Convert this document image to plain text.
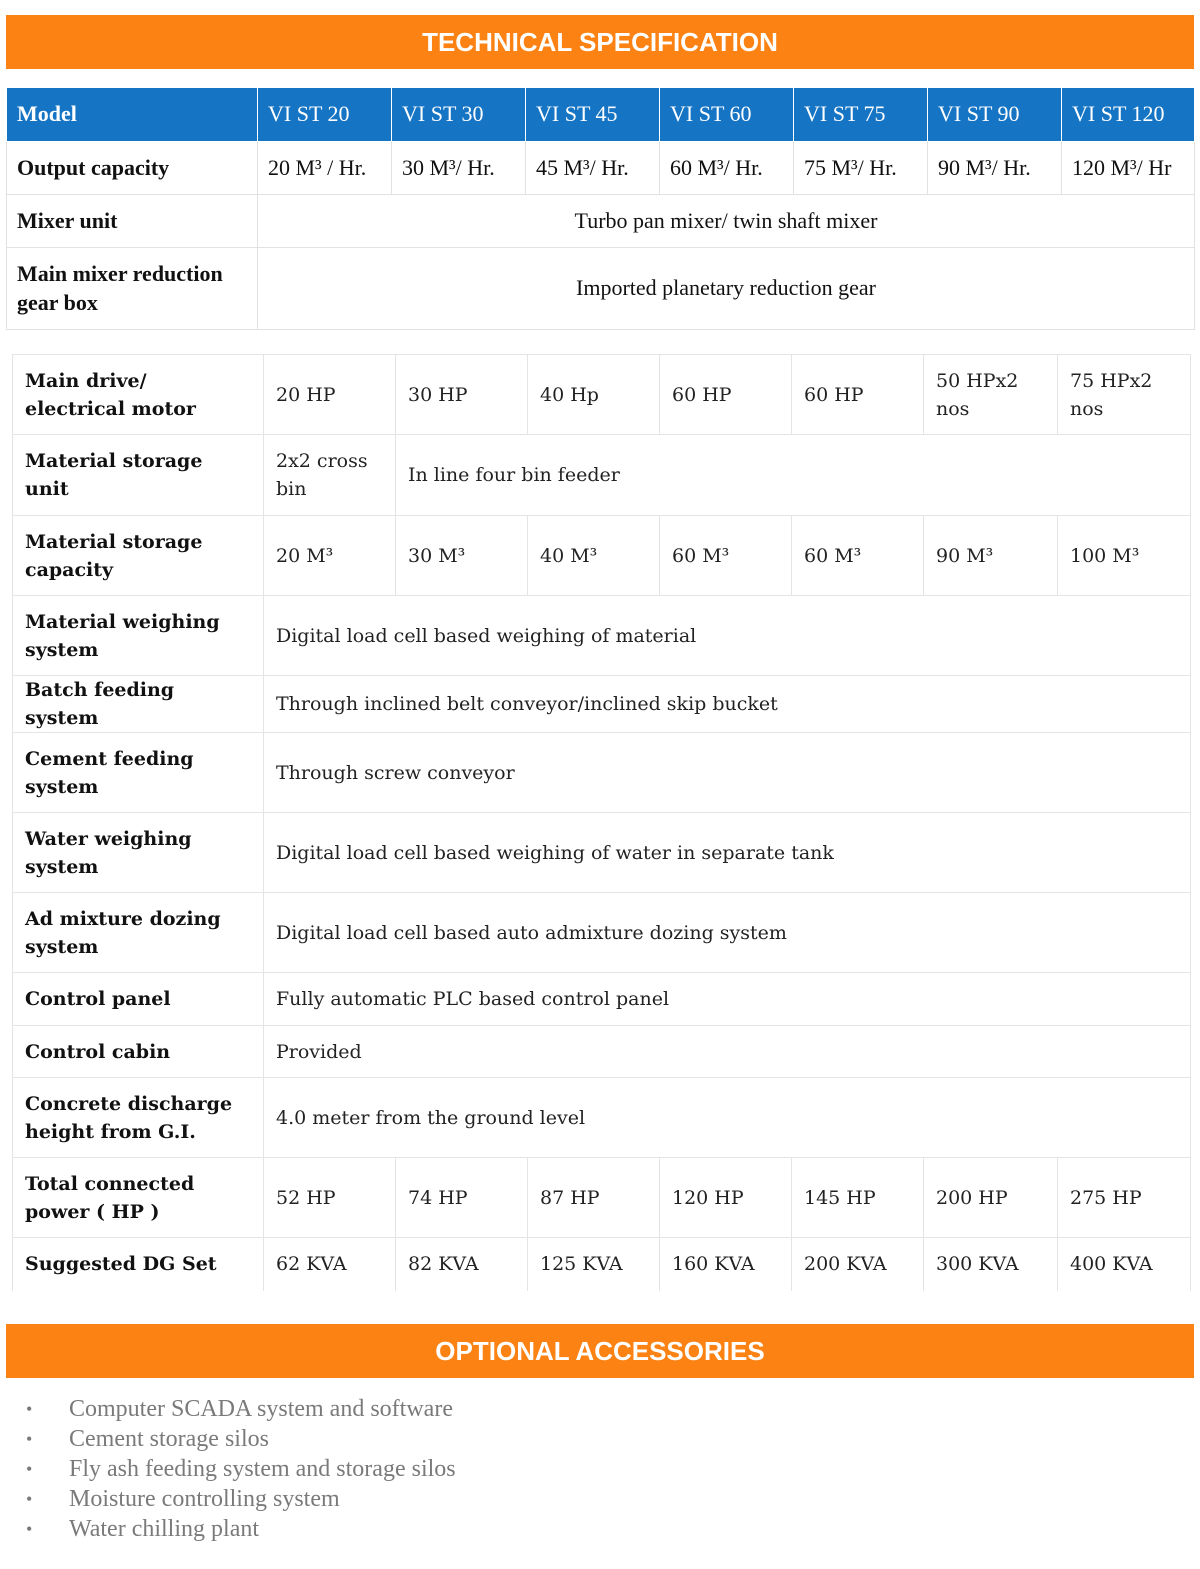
TECHNICAL SPECIFICATION
Model	VI ST 20	VI ST 30	VI ST 45	VI ST 60	VI ST 75	VI ST 90	VI ST 120
Output capacity	20 M³ / Hr.	30 M³/ Hr.	45 M³/ Hr.	60 M³/ Hr.	75 M³/ Hr.	90 M³/ Hr.	120 M³/ Hr
Mixer unit	Turbo pan mixer/ twin shaft mixer						
Main mixer reduction gear box	Imported planetary reduction gear						
Main drive/ electrical motor	20 HP	30 HP	40 Hp	60 HP	60 HP	50 HPx2 nos	75 HPx2 nos
Material storage unit	2x2 cross bin	In line four bin feeder					
Material storage capacity	20 M³	30 M³	40 M³	60 M³	60 M³	90 M³	100 M³
Material weighing system	Digital load cell based weighing of material						
Batch feeding system	Through inclined belt conveyor/inclined skip bucket						
Cement feeding system	Through screw conveyor						
Water weighing system	Digital load cell based weighing of water in separate tank						
Ad mixture dozing system	Digital load cell based auto admixture dozing system						
Control panel	Fully automatic PLC based control panel						
Control cabin	Provided						
Concrete discharge height from G.I.	4.0 meter from the ground level						
Total connected power ( HP )	52 HP	74 HP	87 HP	120 HP	145 HP	200 HP	275 HP
Suggested DG Set	62 KVA	82 KVA	125 KVA	160 KVA	200 KVA	300 KVA	400 KVA
OPTIONAL ACCESSORIES
•	Computer SCADA system and software
•	Cement storage silos
•	Fly ash feeding system and storage silos
•	Moisture controlling system
•	Water chilling plant
